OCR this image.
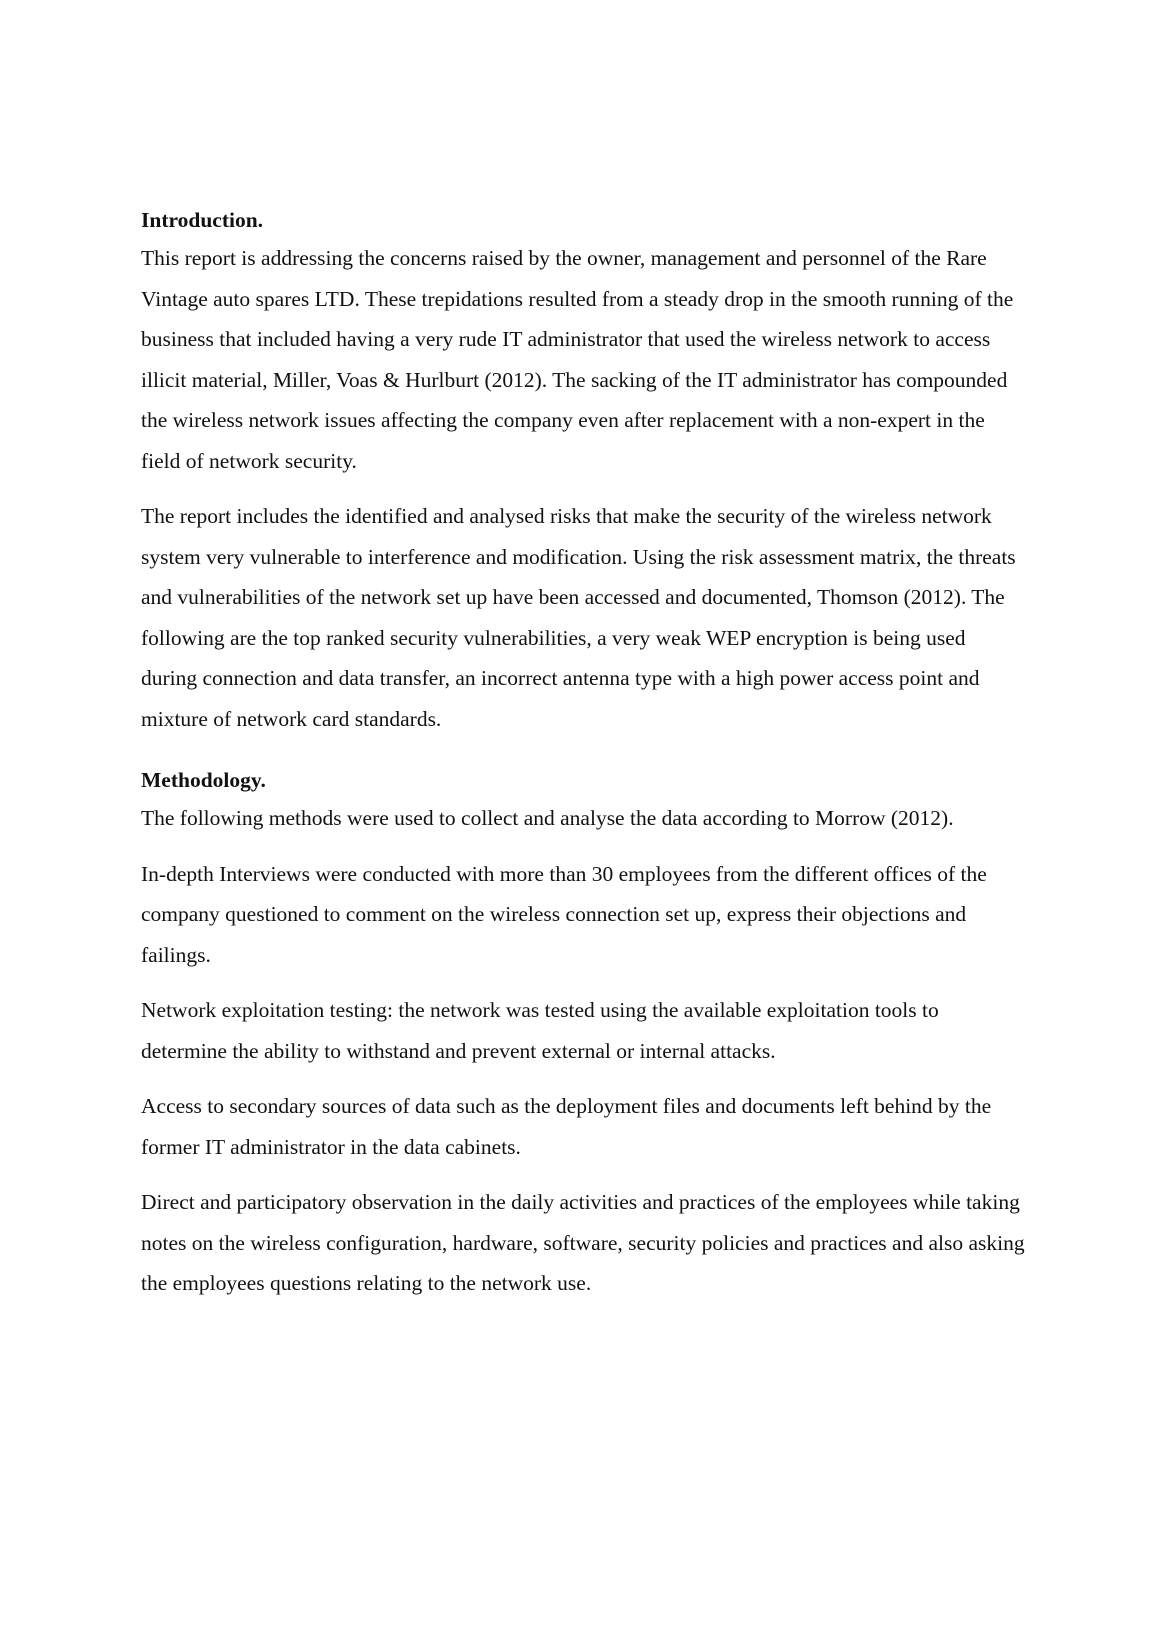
Introduction.

This report is addressing the concerns raised by the owner, management and personnel of the Rare Vintage auto spares LTD. These trepidations resulted from a steady drop in the smooth running of the business that included having a very rude IT administrator that used the wireless network to access illicit material, Miller, Voas & Hurlburt (2012). The sacking of the IT administrator has compounded the wireless network issues affecting the company even after replacement with a non-expert in the field of network security.

The report includes the identified and analysed risks that make the security of the wireless network system very vulnerable to interference and modification. Using the risk assessment matrix, the threats and vulnerabilities of the network set up have been accessed and documented, Thomson (2012). The following are the top ranked security vulnerabilities, a very weak WEP encryption is being used during connection and data transfer, an incorrect antenna type with a high power access point and mixture of network card standards.

Methodology.

The following methods were used to collect and analyse the data according to Morrow (2012).

In-depth Interviews were conducted with more than 30 employees from the different offices of the company questioned to comment on the wireless connection set up, express their objections and failings.

Network exploitation testing: the network was tested using the available exploitation tools to determine the ability to withstand and prevent external or internal attacks.

Access to secondary sources of data such as the deployment files and documents left behind by the former IT administrator in the data cabinets.

Direct and participatory observation in the daily activities and practices of the employees while taking notes on the wireless configuration, hardware, software, security policies and practices and also asking the employees questions relating to the network use.
